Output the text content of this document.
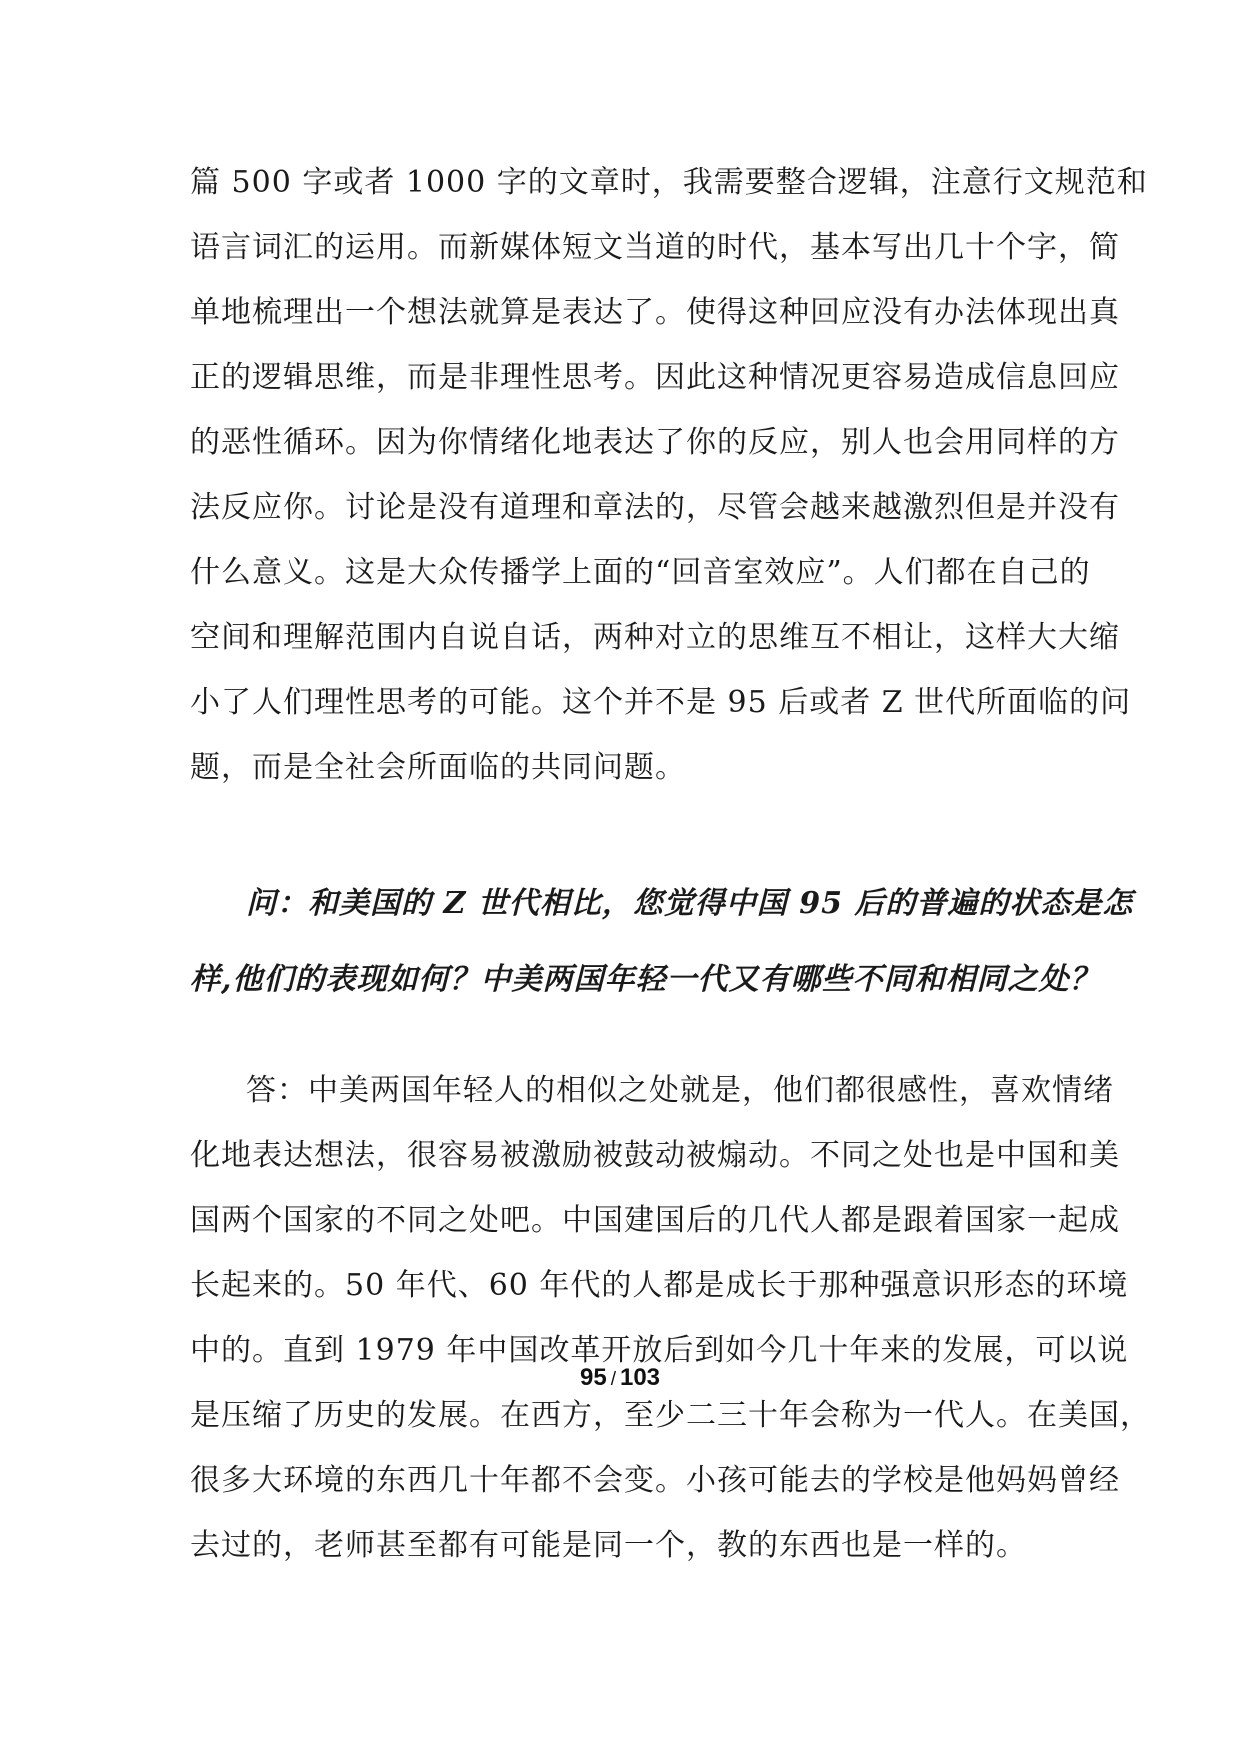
篇 500 字或者 1000 字的文章时，我需要整合逻辑，注意行文规范和
语言词汇的运用。而新媒体短文当道的时代，基本写出几十个字，简
单地梳理出一个想法就算是表达了。使得这种回应没有办法体现出真
正的逻辑思维，而是非理性思考。因此这种情况更容易造成信息回应
的恶性循环。因为你情绪化地表达了你的反应，别人也会用同样的方
法反应你。讨论是没有道理和章法的，尽管会越来越激烈但是并没有
什么意义。这是大众传播学上面的“回音室效应”。人们都在自己的
空间和理解范围内自说自话，两种对立的思维互不相让，这样大大缩
小了人们理性思考的可能。这个并不是 95 后或者 Z 世代所面临的问
题，而是全社会所面临的共同问题。
问：和美国的 Z 世代相比，您觉得中国 95 后的普遍的状态是怎
样,他们的表现如何？中美两国年轻一代又有哪些不同和相同之处？
答：中美两国年轻人的相似之处就是，他们都很感性，喜欢情绪
化地表达想法，很容易被激励被鼓动被煽动。不同之处也是中国和美
国两个国家的不同之处吧。中国建国后的几代人都是跟着国家一起成
长起来的。50 年代、60 年代的人都是成长于那种强意识形态的环境
中的。直到 1979 年中国改革开放后到如今几十年来的发展，可以说
是压缩了历史的发展。在西方，至少二三十年会称为一代人。在美国，
很多大环境的东西几十年都不会变。小孩可能去的学校是他妈妈曾经
去过的，老师甚至都有可能是同一个，教的东西也是一样的。
95 / 103
